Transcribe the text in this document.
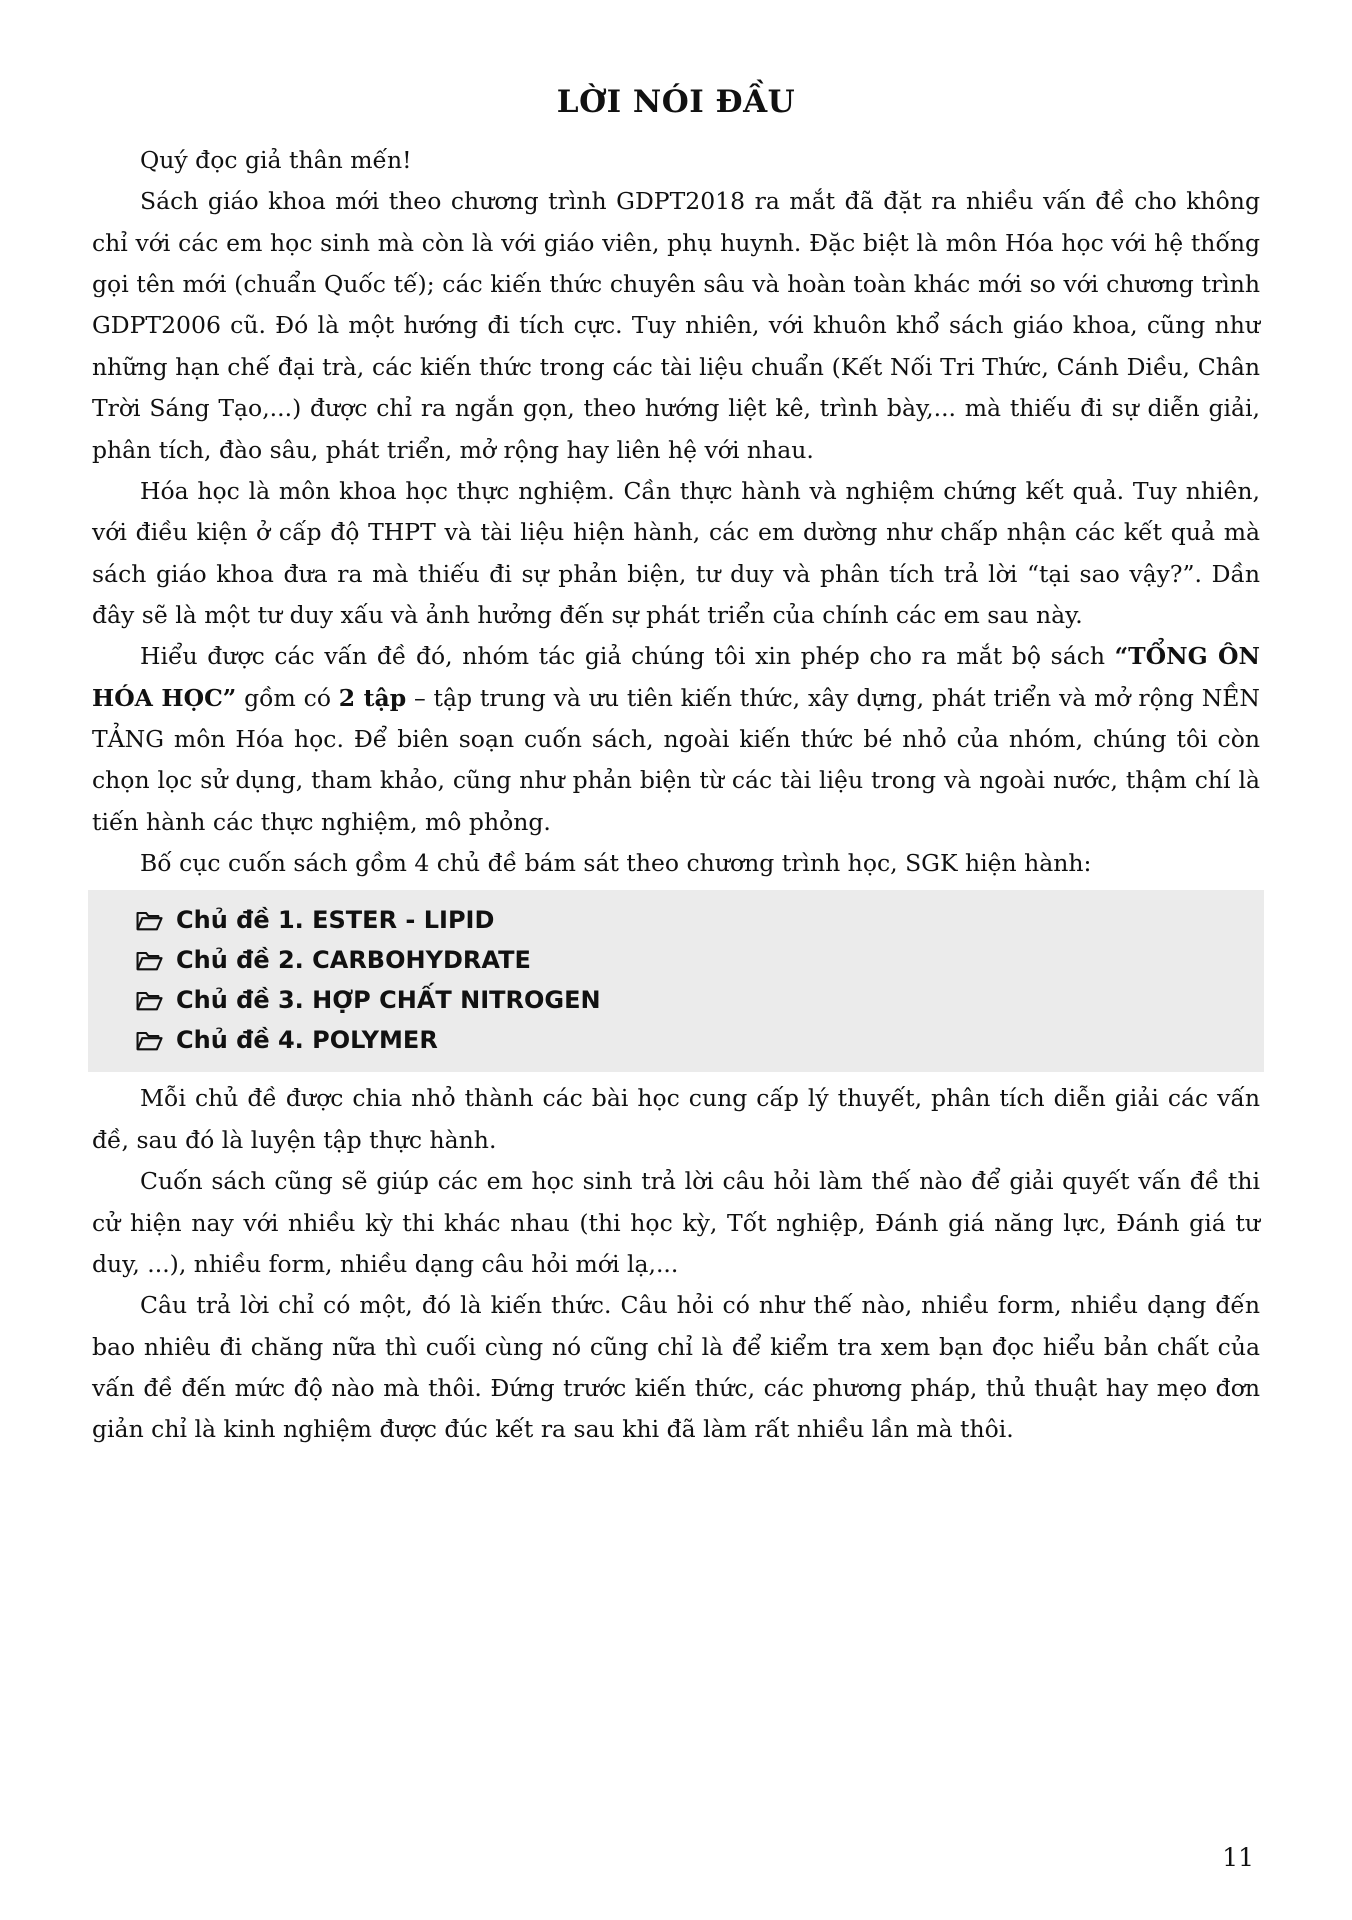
LỜI NÓI ĐẦU

Quý đọc giả thân mến!

Sách giáo khoa mới theo chương trình GDPT2018 ra mắt đã đặt ra nhiều vấn đề cho không chỉ với các em học sinh mà còn là với giáo viên, phụ huynh. Đặc biệt là môn Hóa học với hệ thống gọi tên mới (chuẩn Quốc tế); các kiến thức chuyên sâu và hoàn toàn khác mới so với chương trình GDPT2006 cũ. Đó là một hướng đi tích cực. Tuy nhiên, với khuôn khổ sách giáo khoa, cũng như những hạn chế đại trà, các kiến thức trong các tài liệu chuẩn (Kết Nối Tri Thức, Cánh Diều, Chân Trời Sáng Tạo,...) được chỉ ra ngắn gọn, theo hướng liệt kê, trình bày,... mà thiếu đi sự diễn giải, phân tích, đào sâu, phát triển, mở rộng hay liên hệ với nhau.

Hóa học là môn khoa học thực nghiệm. Cần thực hành và nghiệm chứng kết quả. Tuy nhiên, với điều kiện ở cấp độ THPT và tài liệu hiện hành, các em dường như chấp nhận các kết quả mà sách giáo khoa đưa ra mà thiếu đi sự phản biện, tư duy và phân tích trả lời “tại sao vậy?”. Dần đây sẽ là một tư duy xấu và ảnh hưởng đến sự phát triển của chính các em sau này.

Hiểu được các vấn đề đó, nhóm tác giả chúng tôi xin phép cho ra mắt bộ sách “TỔNG ÔN HÓA HỌC” gồm có 2 tập – tập trung và ưu tiên kiến thức, xây dựng, phát triển và mở rộng NỀN TẢNG môn Hóa học. Để biên soạn cuốn sách, ngoài kiến thức bé nhỏ của nhóm, chúng tôi còn chọn lọc sử dụng, tham khảo, cũng như phản biện từ các tài liệu trong và ngoài nước, thậm chí là tiến hành các thực nghiệm, mô phỏng.

Bố cục cuốn sách gồm 4 chủ đề bám sát theo chương trình học, SGK hiện hành:

Chủ đề 1. ESTER - LIPID
Chủ đề 2. CARBOHYDRATE
Chủ đề 3. HỢP CHẤT NITROGEN
Chủ đề 4. POLYMER

Mỗi chủ đề được chia nhỏ thành các bài học cung cấp lý thuyết, phân tích diễn giải các vấn đề, sau đó là luyện tập thực hành.

Cuốn sách cũng sẽ giúp các em học sinh trả lời câu hỏi làm thế nào để giải quyết vấn đề thi cử hiện nay với nhiều kỳ thi khác nhau (thi học kỳ, Tốt nghiệp, Đánh giá năng lực, Đánh giá tư duy, ...), nhiều form, nhiều dạng câu hỏi mới lạ,...

Câu trả lời chỉ có một, đó là kiến thức. Câu hỏi có như thế nào, nhiều form, nhiều dạng đến bao nhiêu đi chăng nữa thì cuối cùng nó cũng chỉ là để kiểm tra xem bạn đọc hiểu bản chất của vấn đề đến mức độ nào mà thôi. Đứng trước kiến thức, các phương pháp, thủ thuật hay mẹo đơn giản chỉ là kinh nghiệm được đúc kết ra sau khi đã làm rất nhiều lần mà thôi.

11
